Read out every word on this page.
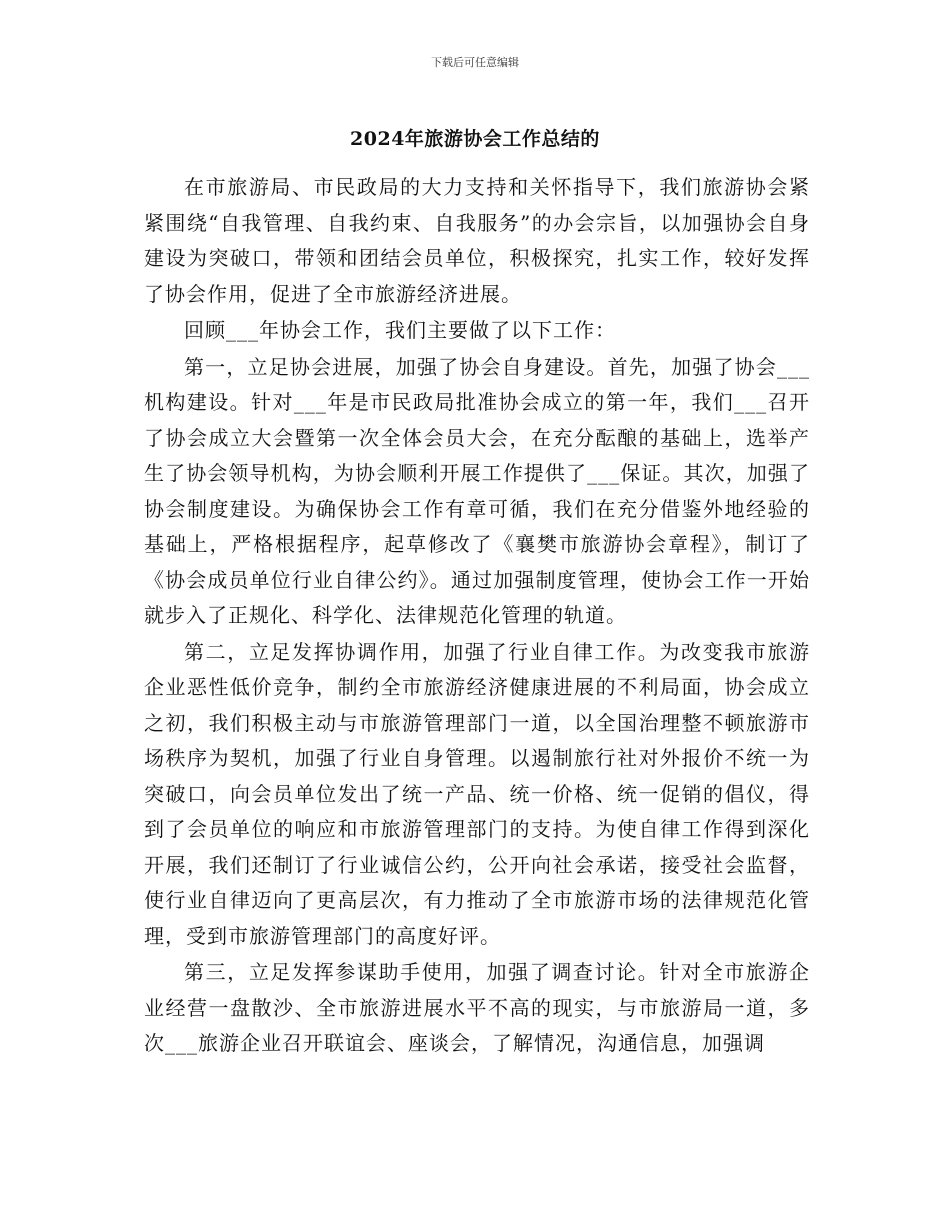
下载后可任意编辑
2024年旅游协会工作总结的

在市旅游局、市民政局的大力支持和关怀指导下，我们旅游协会紧紧围绕“自我管理、自我约束、自我服务”的办会宗旨，以加强协会自身建设为突破口，带领和团结会员单位，积极探究，扎实工作，较好发挥了协会作用，促进了全市旅游经济进展。

回顾___年协会工作，我们主要做了以下工作：

第一，立足协会进展，加强了协会自身建设。首先，加强了协会___机构建设。针对___年是市民政局批准协会成立的第一年，我们___召开了协会成立大会暨第一次全体会员大会，在充分酝酿的基础上，选举产生了协会领导机构，为协会顺利开展工作提供了___保证。其次，加强了协会制度建设。为确保协会工作有章可循，我们在充分借鉴外地经验的基础上，严格根据程序，起草修改了《襄樊市旅游协会章程》，制订了《协会成员单位行业自律公约》。通过加强制度管理，使协会工作一开始就步入了正规化、科学化、法律规范化管理的轨道。

第二，立足发挥协调作用，加强了行业自律工作。为改变我市旅游企业恶性低价竞争，制约全市旅游经济健康进展的不利局面，协会成立之初，我们积极主动与市旅游管理部门一道，以全国治理整不顿旅游市场秩序为契机，加强了行业自身管理。以遏制旅行社对外报价不统一为突破口，向会员单位发出了统一产品、统一价格、统一促销的倡仪，得到了会员单位的响应和市旅游管理部门的支持。为使自律工作得到深化开展，我们还制订了行业诚信公约，公开向社会承诺，接受社会监督，使行业自律迈向了更高层次，有力推动了全市旅游市场的法律规范化管理，受到市旅游管理部门的高度好评。

第三，立足发挥参谋助手使用，加强了调查讨论。针对全市旅游企业经营一盘散沙、全市旅游进展水平不高的现实，与市旅游局一道，多次___旅游企业召开联谊会、座谈会，了解情况，沟通信息，加强调
